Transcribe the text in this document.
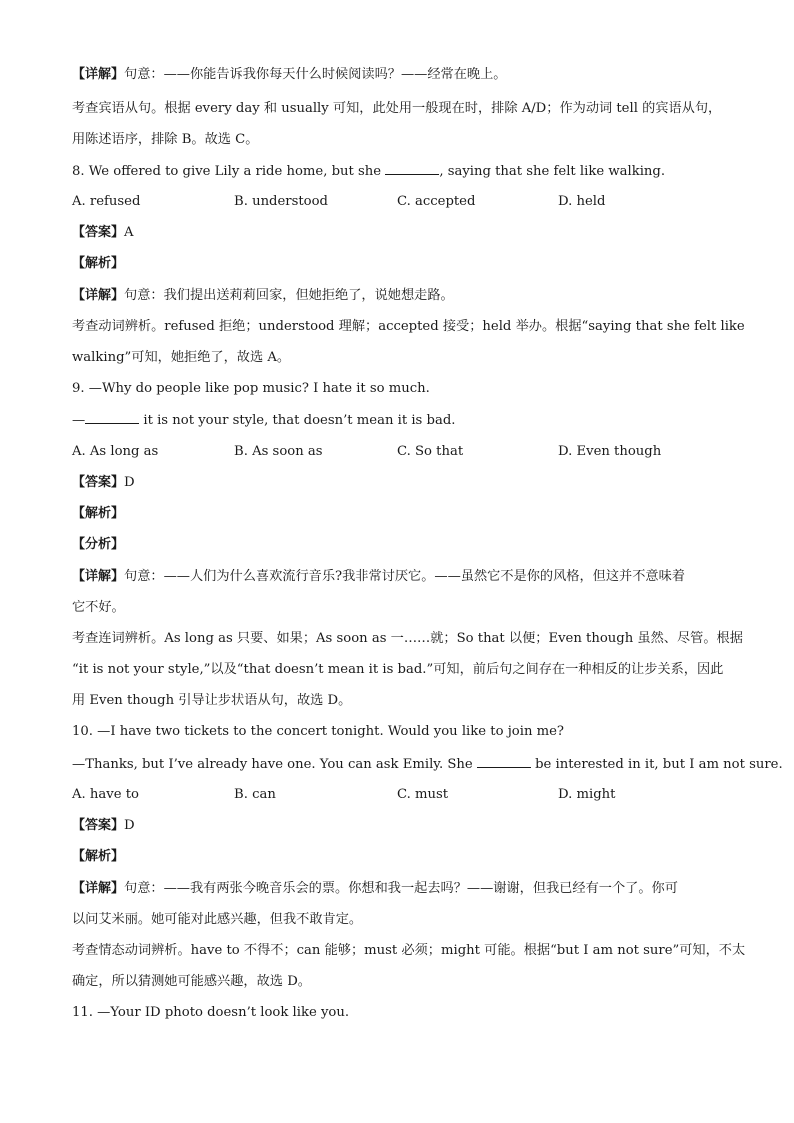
【详解】句意：——你能告诉我你每天什么时候阅读吗？——经常在晚上。
考查宾语从句。根据 every day 和 usually 可知，此处用一般现在时，排除 A/D；作为动词 tell 的宾语从句，
用陈述语序，排除 B。故选 C。
8. We offered to give Lily a ride home, but she	, saying that she felt like walking.
A. refused	B. understood	C. accepted	D. held
【答案】A
【解析】
【详解】句意：我们提出送莉莉回家，但她拒绝了，说她想走路。
考查动词辨析。refused 拒绝；understood 理解；accepted 接受；held 举办。根据“saying that she felt like
walking”可知，她拒绝了，故选 A。
9. —Why do people like pop music? I hate it so much.
—	it is not your style, that doesn’t mean it is bad.
A. As long as	B. As soon as	C. So that	D. Even though
【答案】D
【解析】
【分析】
【详解】句意：——人们为什么喜欢流行音乐?我非常讨厌它。——虽然它不是你的风格，但这并不意味着
它不好。
考查连词辨析。As long as 只要、如果；As soon as 一……就；So that 以便；Even though 虽然、尽管。根据
“it is not your style,”以及“that doesn’t mean it is bad.”可知，前后句之间存在一种相反的让步关系，因此
用 Even though 引导让步状语从句，故选 D。
10. —I have two tickets to the concert tonight. Would you like to join me?
—Thanks, but I’ve already have one. You can ask Emily. She	be interested in it, but I am not sure.
A. have to	B. can	C. must	D. might
【答案】D
【解析】
【详解】句意：——我有两张今晚音乐会的票。你想和我一起去吗？——谢谢，但我已经有一个了。你可
以问艾米丽。她可能对此感兴趣，但我不敢肯定。
考查情态动词辨析。have to 不得不；can 能够；must 必须；might 可能。根据“but I am not sure”可知，不太
确定，所以猜测她可能感兴趣，故选 D。
11. —Your ID photo doesn’t look like you.
